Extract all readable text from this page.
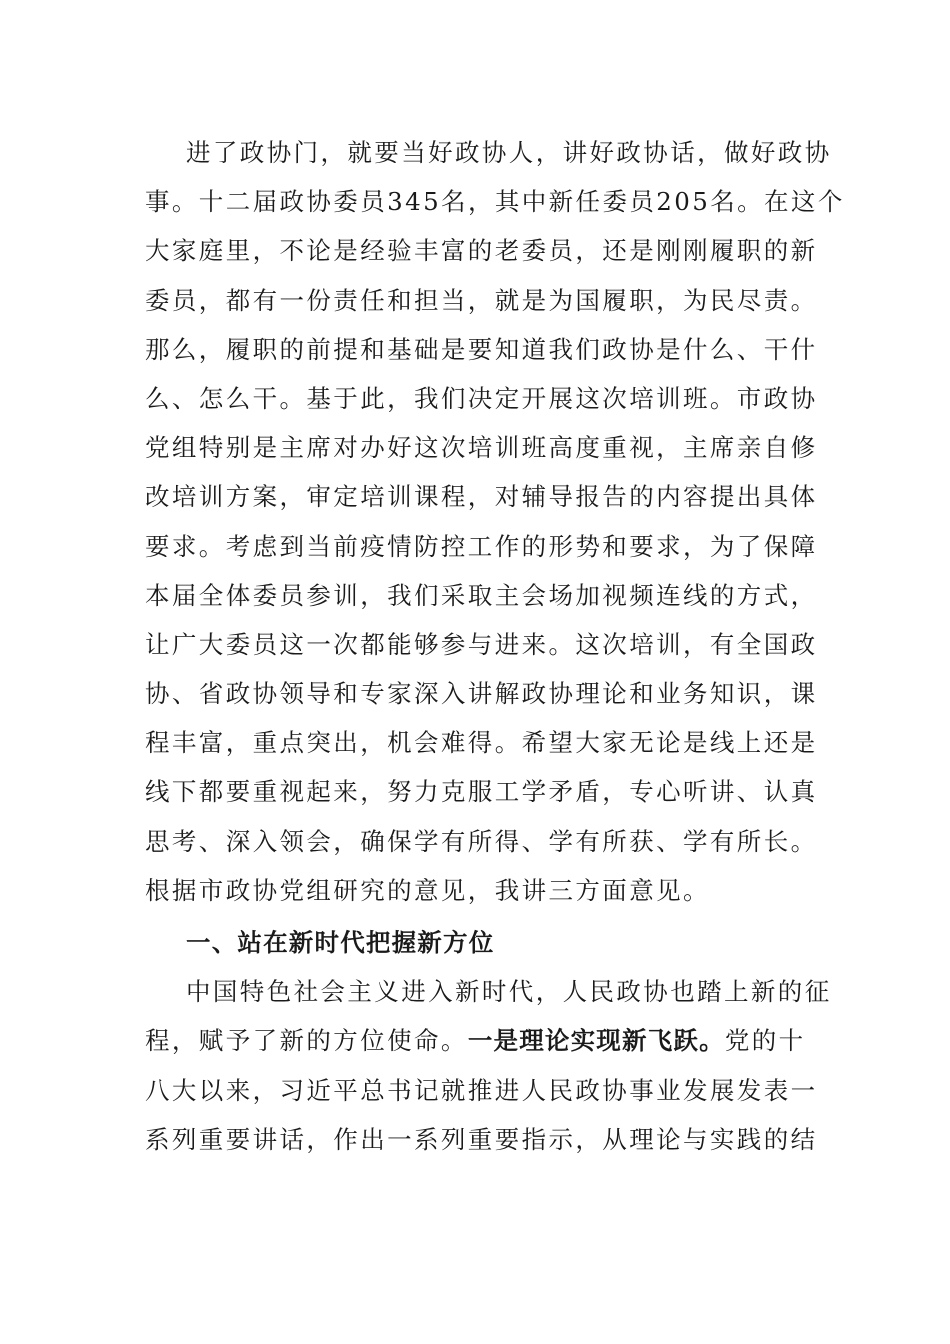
进了政协门，就要当好政协人，讲好政协话，做好政协
事。十二届政协委员345名，其中新任委员205名。在这个
大家庭里，不论是经验丰富的老委员，还是刚刚履职的新
委员，都有一份责任和担当，就是为国履职，为民尽责。
那么，履职的前提和基础是要知道我们政协是什么、干什
么、怎么干。基于此，我们决定开展这次培训班。市政协
党组特别是主席对办好这次培训班高度重视，主席亲自修
改培训方案，审定培训课程，对辅导报告的内容提出具体
要求。考虑到当前疫情防控工作的形势和要求，为了保障
本届全体委员参训，我们采取主会场加视频连线的方式，
让广大委员这一次都能够参与进来。这次培训，有全国政
协、省政协领导和专家深入讲解政协理论和业务知识，课
程丰富，重点突出，机会难得。希望大家无论是线上还是
线下都要重视起来，努力克服工学矛盾，专心听讲、认真
思考、深入领会，确保学有所得、学有所获、学有所长。
根据市政协党组研究的意见，我讲三方面意见。
一、站在新时代把握新方位
中国特色社会主义进入新时代，人民政协也踏上新的征
程，赋予了新的方位使命。一是理论实现新飞跃。党的十
八大以来，习近平总书记就推进人民政协事业发展发表一
系列重要讲话，作出一系列重要指示，从理论与实践的结
